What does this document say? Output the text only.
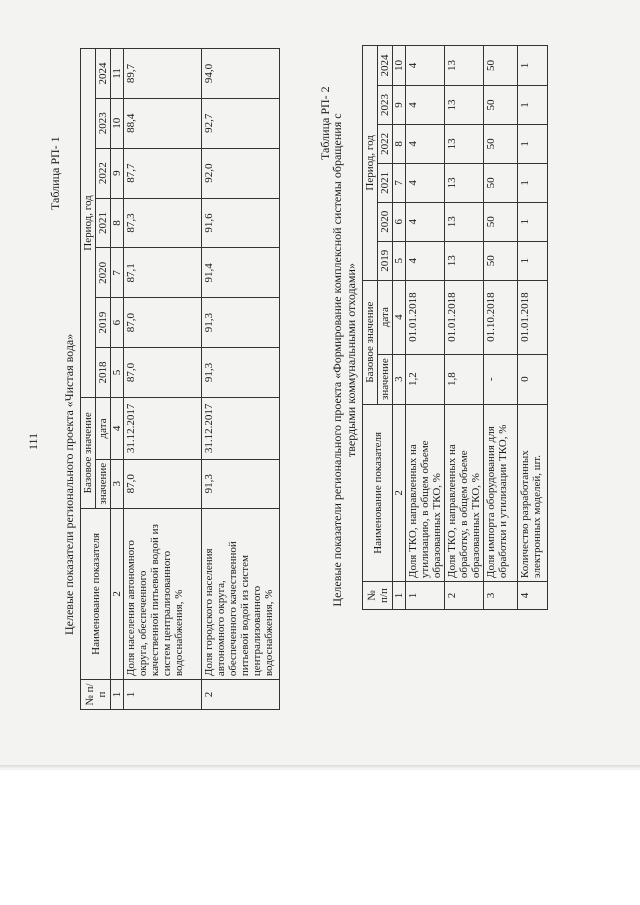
111
Таблица РП- 1
Целевые показатели регионального проекта «Чистая вода»
№ п/п	Наименование показателя	Базовое значение		Период, год						
		значение	дата	2018	2019	2020	2021	2022	2023	2024
1	2	3	4	5	6	7	8	9	10	11
1	Доля населения автономного округа, обеспеченного качественной питьевой водой из систем централизованного водоснабжения, %	87,0	31.12.2017	87,0	87,0	87,1	87,3	87,7	88,4	89,7
2	Доля городского населения автономного округа, обеспеченного качественной питьевой водой из систем централизованного водоснабжения, %	91,3	31.12.2017	91,3	91,3	91,4	91,6	92,0	92,7	94,0
Таблица РП- 2
Целевые показатели регионального проекта «Формирование комплексной системы обращения с твердыми коммунальными отходами»
№ п/п	Наименование показателя	Базовое значение		Период, год					
		значение	дата	2019	2020	2021	2022	2023	2024
1	2	3	4	5	6	7	8	9	10
1	Доля ТКО, направленных на утилизацию, в общем объеме образованных ТКО, %	1,2	01.01.2018	4	4	4	4	4	4
2	Доля ТКО, направленных на обработку, в общем объеме образованных ТКО, %	1,8	01.01.2018	13	13	13	13	13	13
3	Доля импорта оборудования для обработки и утилизации ТКО, %	-	01.10.2018	50	50	50	50	50	50
4	Количество разработанных электронных моделей, шт.	0	01.01.2018	1	1	1	1	1	1
